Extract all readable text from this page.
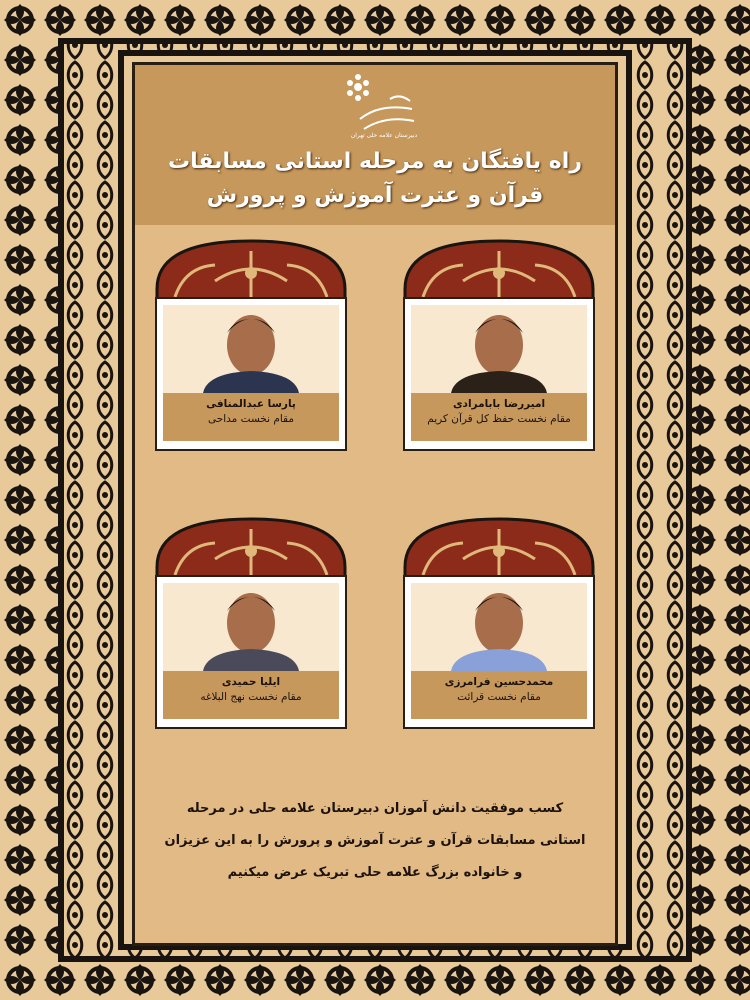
دبیرستان علامه حلی تهران
راه یافتگان به مرحله استانی مسابقات
قرآن و عترت آموزش و پرورش
امیررضا بابامرادی
مقام نخست حفظ کل قرآن کریم
پارسا عبدالمنافی
مقام نخست مداحی
محمدحسین فرامرزی
مقام نخست قرائت
ایلیا حمیدی
مقام نخست نهج البلاغه
کسب موفقیت دانش آموزان دبیرستان علامه حلی در مرحله
استانی مسابقات قرآن و عترت آموزش و پرورش را به این عزیزان
و خانواده بزرگ علامه حلی تبریک عرض میکنیم
